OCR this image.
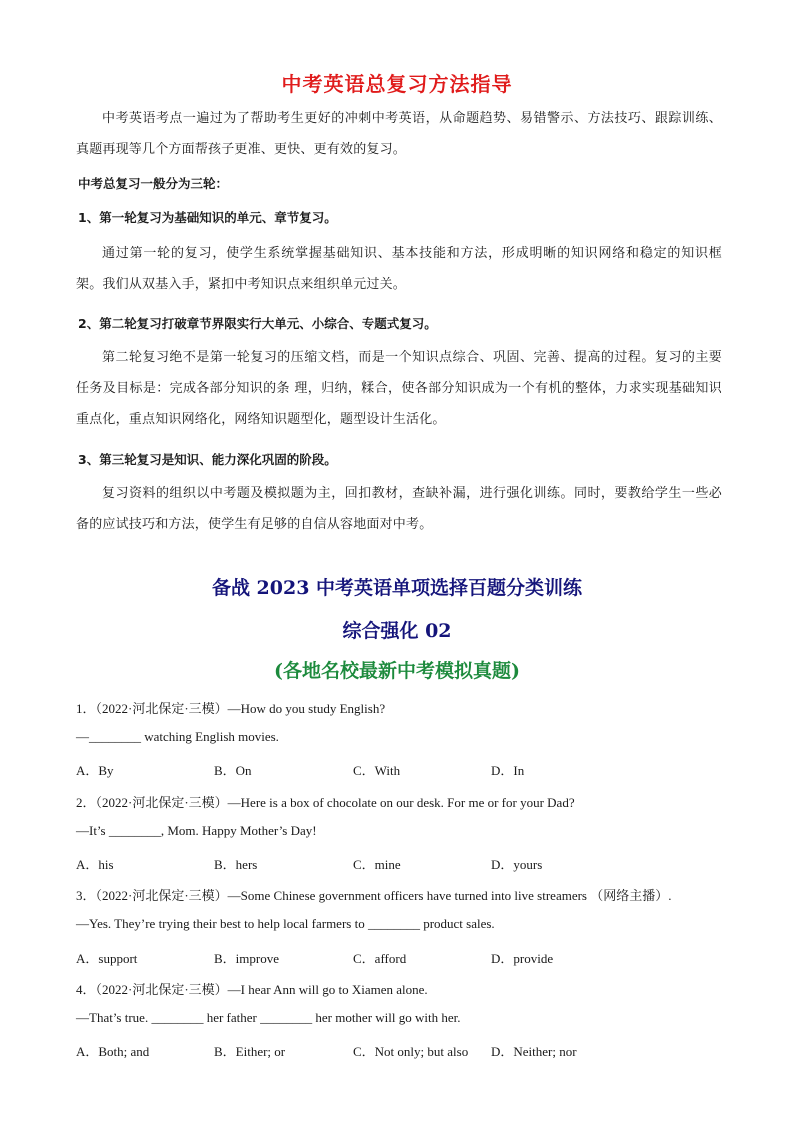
中考英语总复习方法指导
中考英语考点一遍过为了帮助考生更好的冲刺中考英语，从命题趋势、易错警示、方法技巧、跟踪训练、真题再现等几个方面帮孩子更准、更快、更有效的复习。
中考总复习一般分为三轮：
1、第一轮复习为基础知识的单元、章节复习。
通过第一轮的复习，使学生系统掌握基础知识、基本技能和方法，形成明晰的知识网络和稳定的知识框架。我们从双基入手，紧扣中考知识点来组织单元过关。
2、第二轮复习打破章节界限实行大单元、小综合、专题式复习。
第二轮复习绝不是第一轮复习的压缩文档，而是一个知识点综合、巩固、完善、提高的过程。复习的主要任务及目标是：完成各部分知识的条 理，归纳，糅合，使各部分知识成为一个有机的整体，力求实现基础知识重点化，重点知识网络化，网络知识题型化，题型设计生活化。
3、第三轮复习是知识、能力深化巩固的阶段。
复习资料的组织以中考题及模拟题为主，回扣教材，查缺补漏，进行强化训练。同时，要教给学生一些必备的应试技巧和方法，使学生有足够的自信从容地面对中考。
备战 2023 中考英语单项选择百题分类训练
综合强化 02
(各地名校最新中考模拟真题)
1．（2022·河北保定·三模）—How do you study English?
—________ watching English movies.
A．By	B．On	C．With	D．In
2．（2022·河北保定·三模）—Here is a box of chocolate on our desk. For me or for your Dad?
—It’s ________, Mom. Happy Mother’s Day!
A．his	B．hers	C．mine	D．yours
3．（2022·河北保定·三模）—Some Chinese government officers have turned into live streamers （网络主播）.
—Yes. They’re trying their best to help local farmers to ________ product sales.
A．support	B．improve	C．afford	D．provide
4．（2022·河北保定·三模）—I hear Ann will go to Xiamen alone.
—That’s true. ________ her father ________ her mother will go with her.
A．Both; and	B．Either; or	C．Not only; but also D．Neither; nor
